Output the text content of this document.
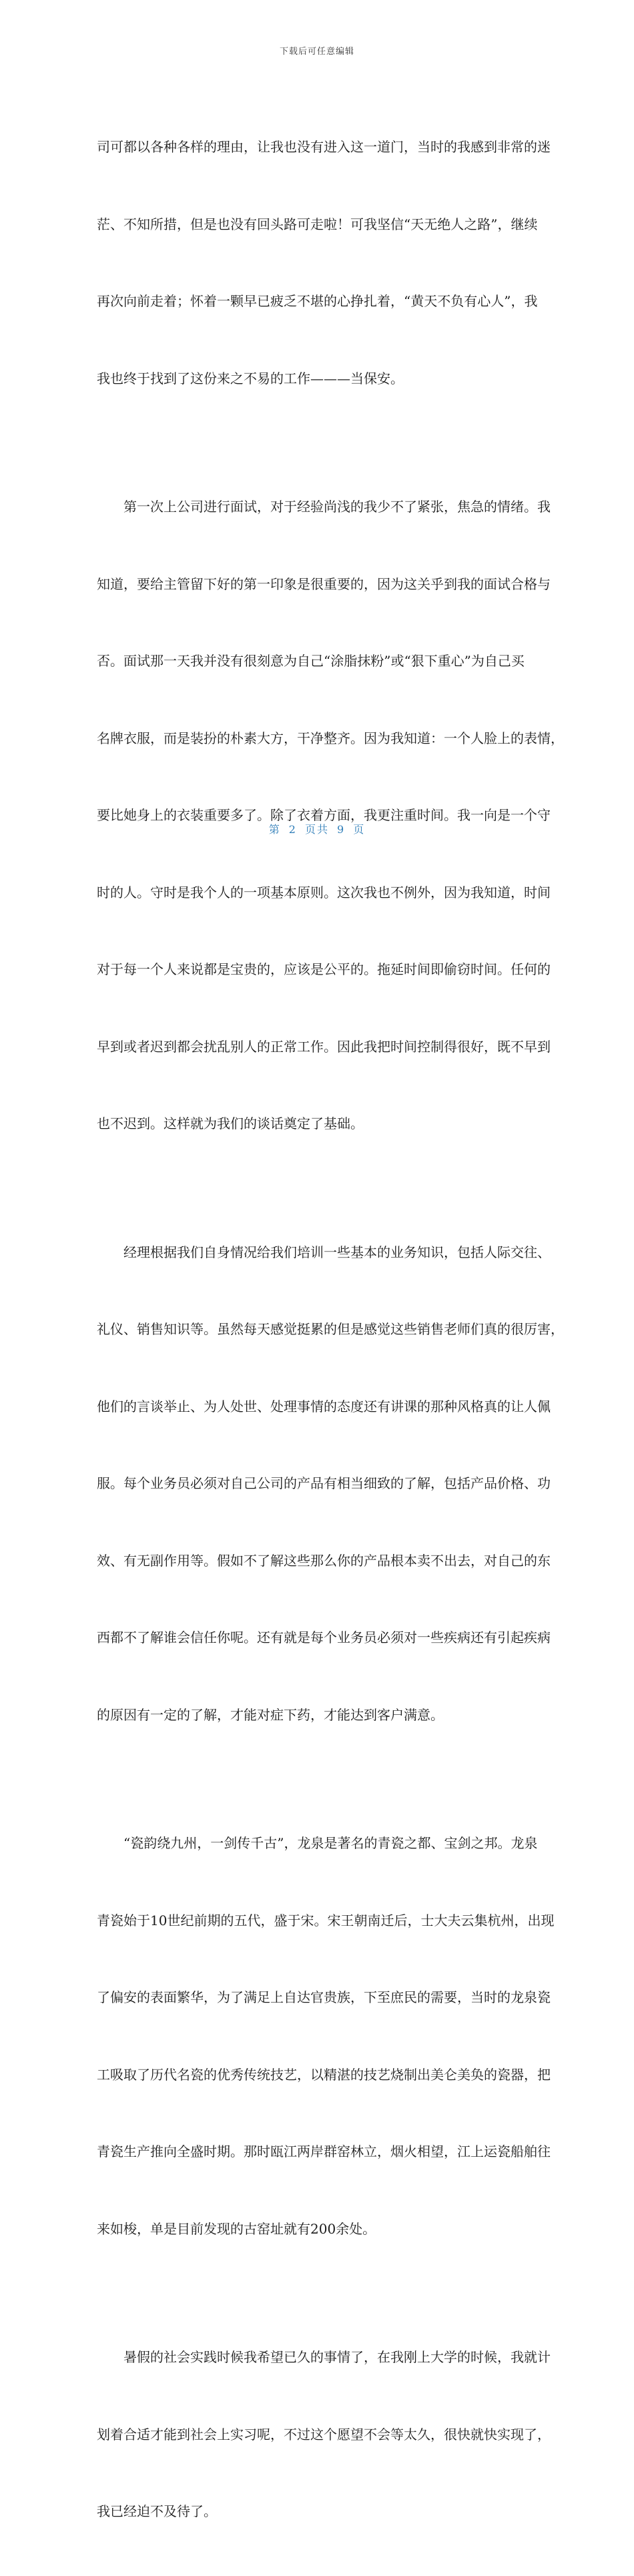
下载后可任意编辑

司可都以各种各样的理由，让我也没有进入这一道门，当时的我感到非常的迷

茫、不知所措，但是也没有回头路可走啦！可我坚信“天无绝人之路”，继续

再次向前走着；怀着一颗早已疲乏不堪的心挣扎着，“黄天不负有心人”，我

我也终于找到了这份来之不易的工作———当保安。

　　第一次上公司进行面试，对于经验尚浅的我少不了紧张，焦急的情绪。我

知道，要给主管留下好的第一印象是很重要的，因为这关乎到我的面试合格与

否。面试那一天我并没有很刻意为自己“涂脂抹粉”或“狠下重心”为自己买

名牌衣服，而是装扮的朴素大方，干净整齐。因为我知道：一个人脸上的表情，

要比她身上的衣装重要多了。除了衣着方面，我更注重时间。我一向是一个守

时的人。守时是我个人的一项基本原则。这次我也不例外，因为我知道，时间

对于每一个人来说都是宝贵的，应该是公平的。拖延时间即偷窃时间。任何的

早到或者迟到都会扰乱别人的正常工作。因此我把时间控制得很好，既不早到

也不迟到。这样就为我们的谈话奠定了基础。

　　经理根据我们自身情况给我们培训一些基本的业务知识，包括人际交往、

礼仪、销售知识等。虽然每天感觉挺累的但是感觉这些销售老师们真的很厉害，

他们的言谈举止、为人处世、处理事情的态度还有讲课的那种风格真的让人佩

服。每个业务员必须对自己公司的产品有相当细致的了解，包括产品价格、功

效、有无副作用等。假如不了解这些那么你的产品根本卖不出去，对自己的东

西都不了解谁会信任你呢。还有就是每个业务员必须对一些疾病还有引起疾病

的原因有一定的了解，才能对症下药，才能达到客户满意。

　　“瓷韵绕九州，一剑传千古”，龙泉是著名的青瓷之都、宝剑之邦。龙泉

青瓷始于10世纪前期的五代，盛于宋。宋王朝南迁后，士大夫云集杭州，出现

了偏安的表面繁华，为了满足上自达官贵族，下至庶民的需要，当时的龙泉瓷

工吸取了历代名瓷的优秀传统技艺，以精湛的技艺烧制出美仑美奂的瓷器，把

青瓷生产推向全盛时期。那时瓯江两岸群窑林立，烟火相望，江上运瓷船舶往

来如梭，单是目前发现的古窑址就有200余处。

　　暑假的社会实践时候我希望已久的事情了，在我刚上大学的时候，我就计

划着合适才能到社会上实习呢，不过这个愿望不会等太久，很快就快实现了，

我已经迫不及待了。

第 2 页共 9 页
